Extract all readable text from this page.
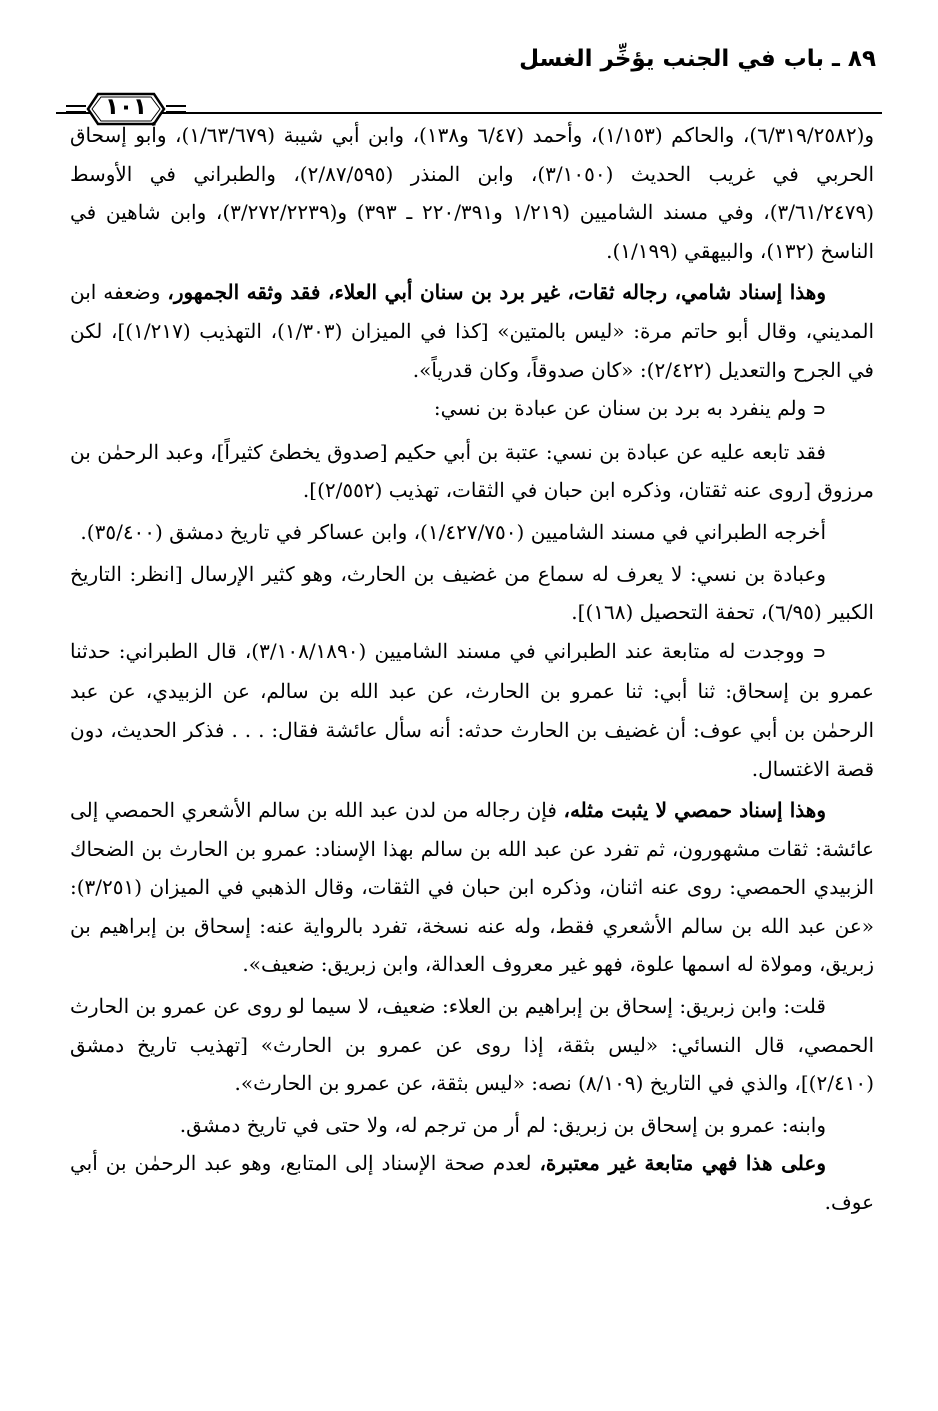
٨٩ ـ باب في الجنب يؤخِّر الغسل
١٠١

و(٦/٣١٩/٢٥٨٢)، والحاكم (١/١٥٣)، وأحمد (٦/٤٧ و١٣٨)، وابن أبي شيبة (١/٦٣/٦٧٩)، وأبو إسحاق الحربي في غريب الحديث (٣/١٠٥٠)، وابن المنذر (٢/٨٧/٥٩٥)، والطبراني في الأوسط (٣/٦١/٢٤٧٩)، وفي مسند الشاميين (١/٢١٩ و٢٢٠/٣٩١ ـ ٣٩٣) و(٣/٢٧٢/٢٢٣٩)، وابن شاهين في الناسخ (١٣٢)، والبيهقي (١/١٩٩).

وهذا إسناد شامي، رجاله ثقات، غير برد بن سنان أبي العلاء، فقد وثقه الجمهور، وضعفه ابن المديني، وقال أبو حاتم مرة: «ليس بالمتين» [كذا في الميزان (١/٣٠٣)، التهذيب (١/٢١٧)]، لكن في الجرح والتعديل (٢/٤٢٢): «كان صدوقاً، وكان قدرياً».

⊂ ولم ينفرد به برد بن سنان عن عبادة بن نسي:

فقد تابعه عليه عن عبادة بن نسي: عتبة بن أبي حكيم [صدوق يخطئ كثيراً]، وعبد الرحمٰن بن مرزوق [روى عنه ثقتان، وذكره ابن حبان في الثقات، تهذيب (٢/٥٥٢)].

أخرجه الطبراني في مسند الشاميين (١/٤٢٧/٧٥٠)، وابن عساكر في تاريخ دمشق (٣٥/٤٠٠).

وعبادة بن نسي: لا يعرف له سماع من غضيف بن الحارث، وهو كثير الإرسال [انظر: التاريخ الكبير (٦/٩٥)، تحفة التحصيل (١٦٨)].

⊂ ووجدت له متابعة عند الطبراني في مسند الشاميين (٣/١٠٨/١٨٩٠)، قال الطبراني: حدثنا عمرو بن إسحاق: ثنا أبي: ثنا عمرو بن الحارث، عن عبد الله بن سالم، عن الزبيدي، عن عبد الرحمٰن بن أبي عوف: أن غضيف بن الحارث حدثه: أنه سأل عائشة فقال: . . . فذكر الحديث، دون قصة الاغتسال.

وهذا إسناد حمصي لا يثبت مثله، فإن رجاله من لدن عبد الله بن سالم الأشعري الحمصي إلى عائشة: ثقات مشهورون، ثم تفرد عن عبد الله بن سالم بهذا الإسناد: عمرو بن الحارث بن الضحاك الزبيدي الحمصي: روى عنه اثنان، وذكره ابن حبان في الثقات، وقال الذهبي في الميزان (٣/٢٥١): «عن عبد الله بن سالم الأشعري فقط، وله عنه نسخة، تفرد بالرواية عنه: إسحاق بن إبراهيم بن زبريق، ومولاة له اسمها علوة، فهو غير معروف العدالة، وابن زبريق: ضعيف».

قلت: وابن زبريق: إسحاق بن إبراهيم بن العلاء: ضعيف، لا سيما لو روى عن عمرو بن الحارث الحمصي، قال النسائي: «ليس بثقة، إذا روى عن عمرو بن الحارث» [تهذيب تاريخ دمشق (٢/٤١٠)]، والذي في التاريخ (٨/١٠٩) نصه: «ليس بثقة، عن عمرو بن الحارث».

وابنه: عمرو بن إسحاق بن زبريق: لم أر من ترجم له، ولا حتى في تاريخ دمشق.

وعلى هذا فهي متابعة غير معتبرة، لعدم صحة الإسناد إلى المتابع، وهو عبد الرحمٰن بن أبي عوف.
